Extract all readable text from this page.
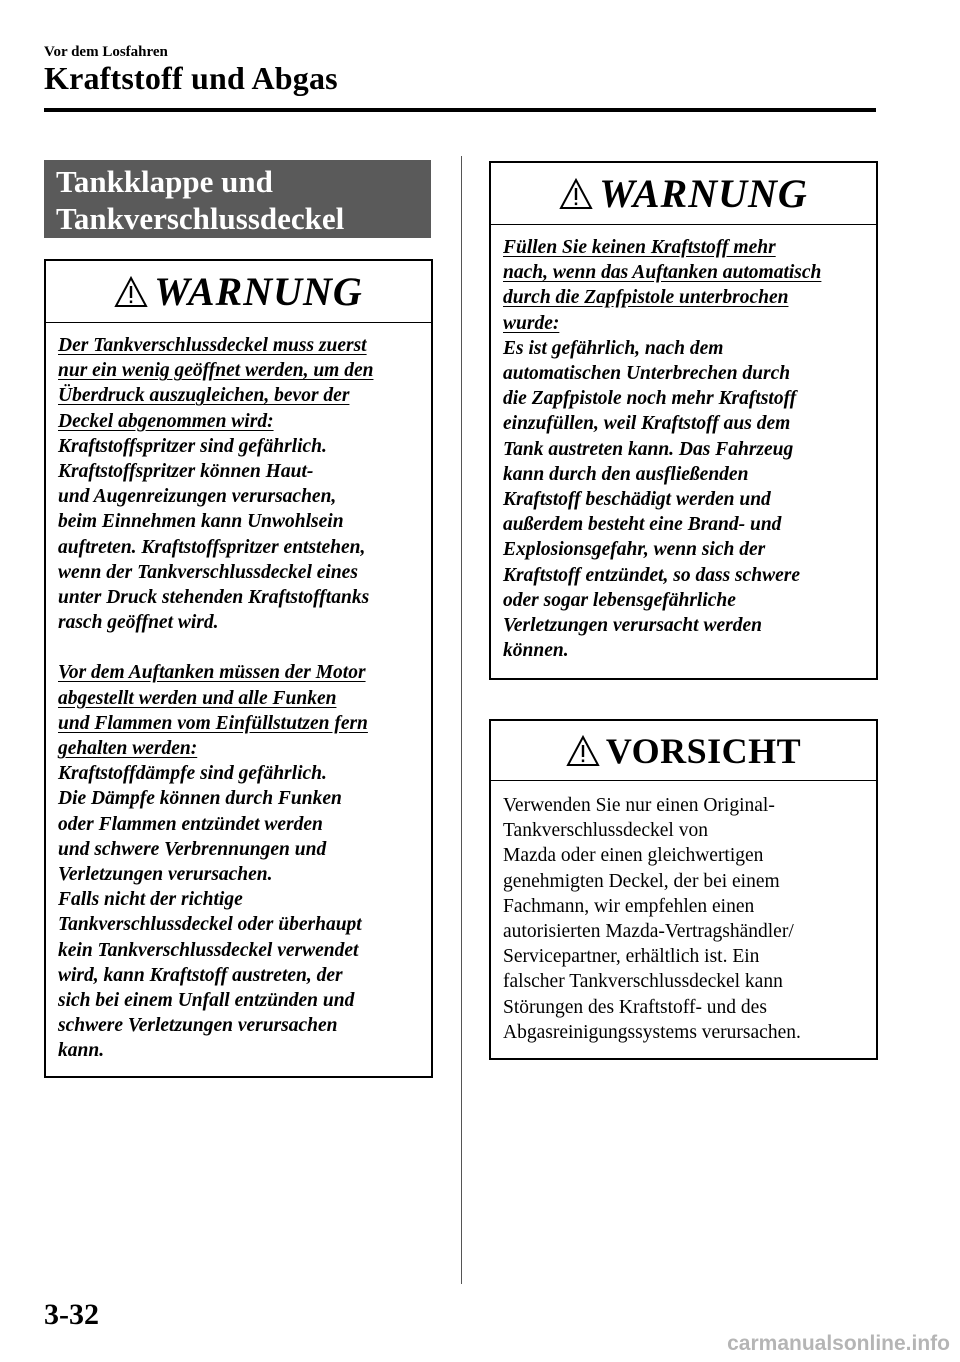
Vor dem Losfahren
Kraftstoff und Abgas
Tankklappe und
Tankverschlussdeckel
WARNUNG
Der Tankverschlussdeckel muss zuerst
nur ein wenig geöffnet werden, um den
Überdruck auszugleichen, bevor der
Deckel abgenommen wird:
Kraftstoffspritzer sind gefährlich.
Kraftstoffspritzer können Haut-
und Augenreizungen verursachen,
beim Einnehmen kann Unwohlsein
auftreten. Kraftstoffspritzer entstehen,
wenn der Tankverschlussdeckel eines
unter Druck stehenden Kraftstofftanks
rasch geöffnet wird.
Vor dem Auftanken müssen der Motor
abgestellt werden und alle Funken
und Flammen vom Einfüllstutzen fern
gehalten werden:
Kraftstoffdämpfe sind gefährlich.
Die Dämpfe können durch Funken
oder Flammen entzündet werden
und schwere Verbrennungen und
Verletzungen verursachen.
Falls nicht der richtige
Tankverschlussdeckel oder überhaupt
kein Tankverschlussdeckel verwendet
wird, kann Kraftstoff austreten, der
sich bei einem Unfall entzünden und
schwere Verletzungen verursachen
kann.
WARNUNG
Füllen Sie keinen Kraftstoff mehr
nach, wenn das Auftanken automatisch
durch die Zapfpistole unterbrochen
wurde:
Es ist gefährlich, nach dem
automatischen Unterbrechen durch
die Zapfpistole noch mehr Kraftstoff
einzufüllen, weil Kraftstoff aus dem
Tank austreten kann. Das Fahrzeug
kann durch den ausfließenden
Kraftstoff beschädigt werden und
außerdem besteht eine Brand- und
Explosionsgefahr, wenn sich der
Kraftstoff entzündet, so dass schwere
oder sogar lebensgefährliche
Verletzungen verursacht werden
können.
VORSICHT
Verwenden Sie nur einen Original-
Tankverschlussdeckel von
Mazda oder einen gleichwertigen
genehmigten Deckel, der bei einem
Fachmann, wir empfehlen einen
autorisierten Mazda-Vertragshändler/
Servicepartner, erhältlich ist. Ein
falscher Tankverschlussdeckel kann
Störungen des Kraftstoff- und des
Abgasreinigungssystems verursachen.
3-32
carmanualsonline.info
